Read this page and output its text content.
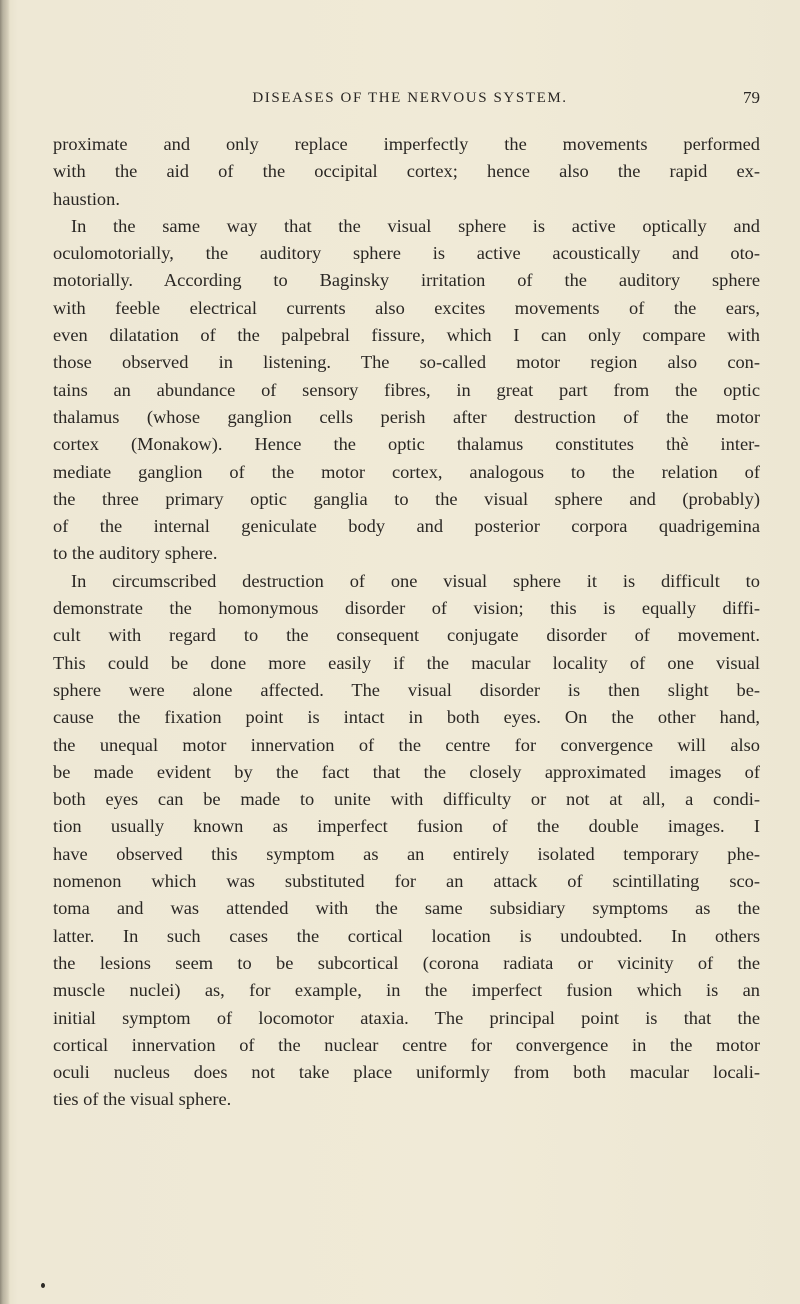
DISEASES OF THE NERVOUS SYSTEM.	79
proximate and only replace imperfectly the movements performed
with the aid of the occipital cortex; hence also the rapid ex-
haustion.
In the same way that the visual sphere is active optically and
oculomotorially, the auditory sphere is active acoustically and oto-
motorially. According to Baginsky irritation of the auditory sphere
with feeble electrical currents also excites movements of the ears,
even dilatation of the palpebral fissure, which I can only compare with
those observed in listening. The so-called motor region also con-
tains an abundance of sensory fibres, in great part from the optic
thalamus (whose ganglion cells perish after destruction of the motor
cortex (Monakow). Hence the optic thalamus constitutes thè inter-
mediate ganglion of the motor cortex, analogous to the relation of
the three primary optic ganglia to the visual sphere and (probably)
of the internal geniculate body and posterior corpora quadrigemina
to the auditory sphere.
In circumscribed destruction of one visual sphere it is difficult to
demonstrate the homonymous disorder of vision; this is equally diffi-
cult with regard to the consequent conjugate disorder of movement.
This could be done more easily if the macular locality of one visual
sphere were alone affected. The visual disorder is then slight be-
cause the fixation point is intact in both eyes. On the other hand,
the unequal motor innervation of the centre for convergence will also
be made evident by the fact that the closely approximated images of
both eyes can be made to unite with difficulty or not at all, a condi-
tion usually known as imperfect fusion of the double images. I
have observed this symptom as an entirely isolated temporary phe-
nomenon which was substituted for an attack of scintillating sco-
toma and was attended with the same subsidiary symptoms as the
latter. In such cases the cortical location is undoubted. In others
the lesions seem to be subcortical (corona radiata or vicinity of the
muscle nuclei) as, for example, in the imperfect fusion which is an
initial symptom of locomotor ataxia. The principal point is that the
cortical innervation of the nuclear centre for convergence in the motor
oculi nucleus does not take place uniformly from both macular locali-
ties of the visual sphere.
